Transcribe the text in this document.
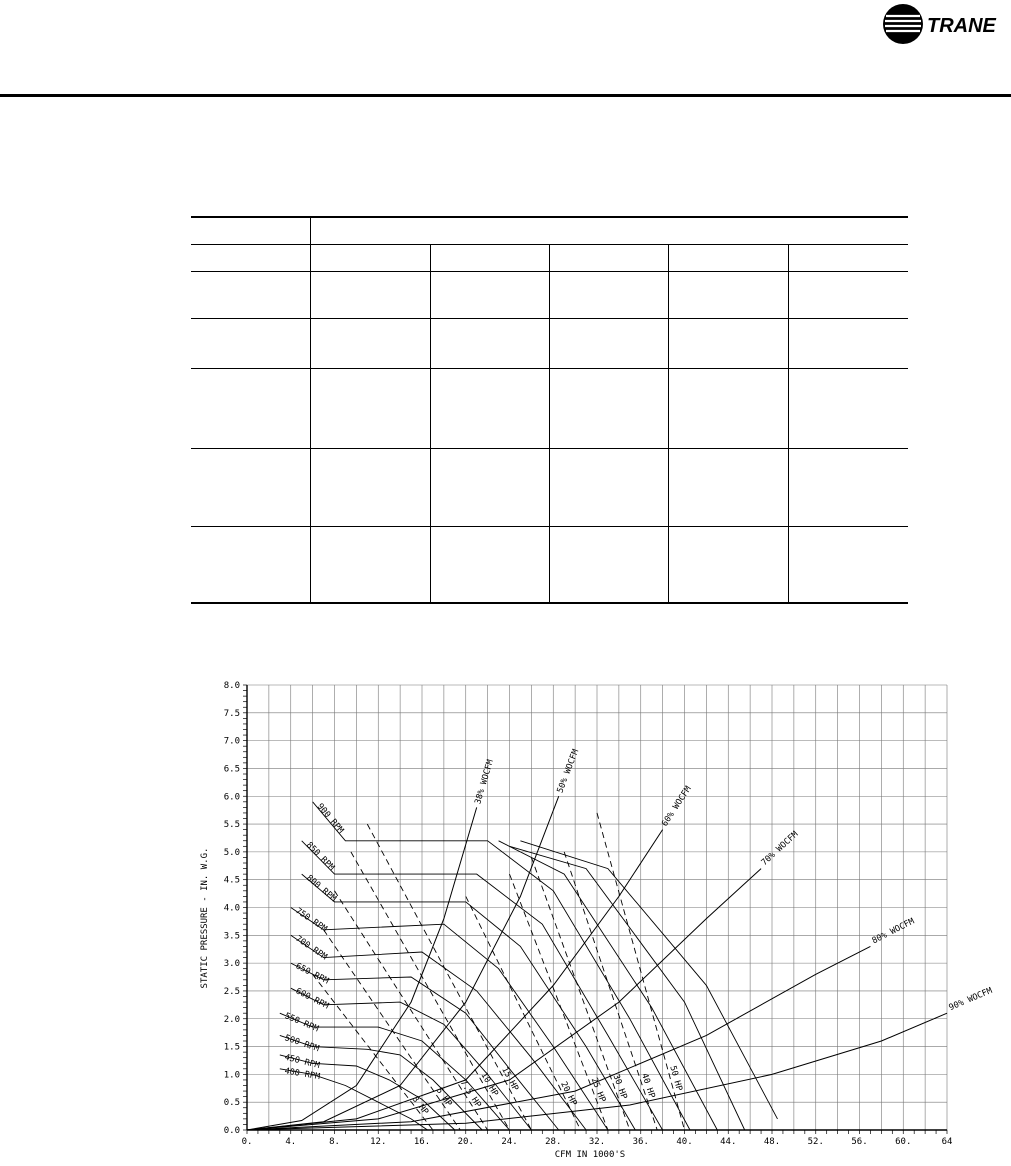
TRANE

400 RPM
450 RPM
500 RPM
550 RPM
600 RPM
650 RPM
700 RPM
750 RPM
800 RPM
850 RPM
900 RPM
38% WOCFM	50% WOCFM
60% WOCFM
70% WOCFM
80% WOCFM
90% WOCFM
3 HP 5 HP 7.5 HP
10 HP 15 HP
20 HP 25 HP 30 HP 40 HP 50 HP
0.0
0.5
1.0
1.5
2.0
2.5
3.0
3.5
4.0
4.5
5.0
5.5
6.0
6.5
7.0
7.5
8.0
0.	4.	8.	12.	16.	20.	24.	28.	32.	36.	40.	44.	48.	52.	56.	60.	64
CFM IN 1000'S
STATIC PRESSURE - IN. W.G.
